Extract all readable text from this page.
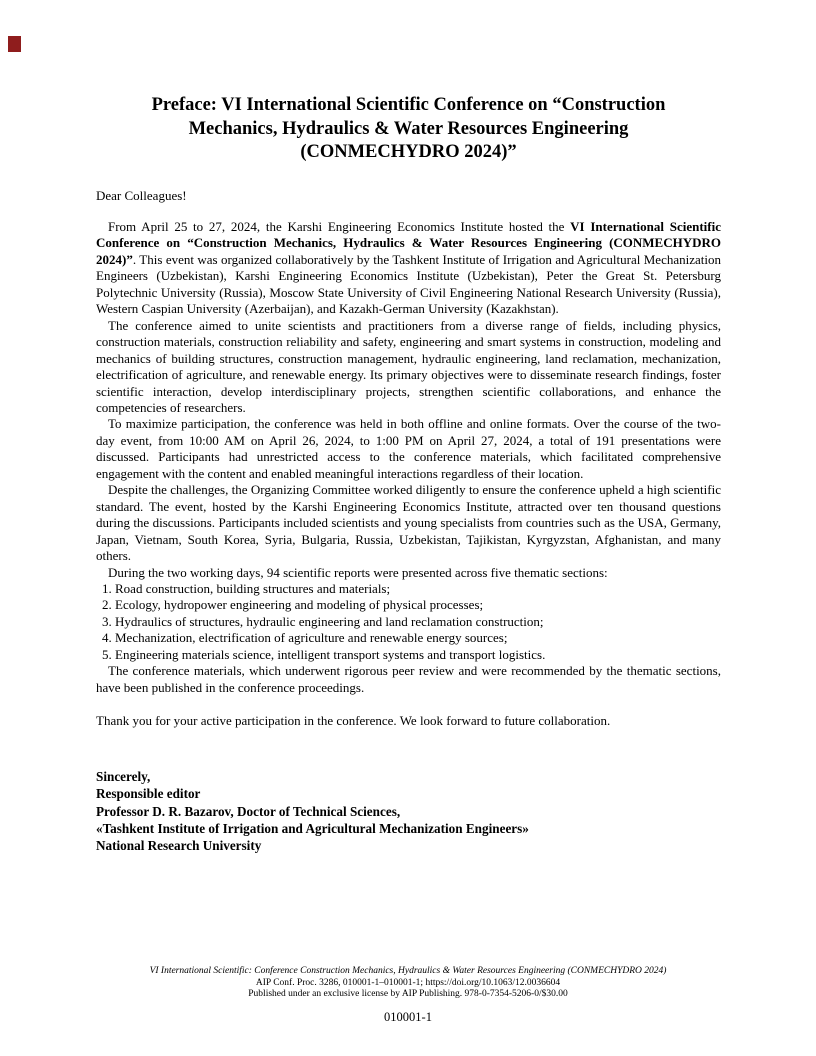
Preface: VI International Scientific Conference on “Construction
Mechanics, Hydraulics & Water Resources Engineering
(CONMECHYDRO 2024)”
Dear Colleagues!

From April 25 to 27, 2024, the Karshi Engineering Economics Institute hosted the VI International Scientific Conference on “Construction Mechanics, Hydraulics & Water Resources Engineering (CONMECHYDRO 2024)”. This event was organized collaboratively by the Tashkent Institute of Irrigation and Agricultural Mechanization Engineers (Uzbekistan), Karshi Engineering Economics Institute (Uzbekistan), Peter the Great St. Petersburg Polytechnic University (Russia), Moscow State University of Civil Engineering National Research University (Russia), Western Caspian University (Azerbaijan), and Kazakh-German University (Kazakhstan).

The conference aimed to unite scientists and practitioners from a diverse range of fields, including physics, construction materials, construction reliability and safety, engineering and smart systems in construction, modeling and mechanics of building structures, construction management, hydraulic engineering, land reclamation, mechanization, electrification of agriculture, and renewable energy. Its primary objectives were to disseminate research findings, foster scientific interaction, develop interdisciplinary projects, strengthen scientific collaborations, and enhance the competencies of researchers.

To maximize participation, the conference was held in both offline and online formats. Over the course of the two-day event, from 10:00 AM on April 26, 2024, to 1:00 PM on April 27, 2024, a total of 191 presentations were discussed. Participants had unrestricted access to the conference materials, which facilitated comprehensive engagement with the content and enabled meaningful interactions regardless of their location.

Despite the challenges, the Organizing Committee worked diligently to ensure the conference upheld a high scientific standard. The event, hosted by the Karshi Engineering Economics Institute, attracted over ten thousand questions during the discussions. Participants included scientists and young specialists from countries such as the USA, Germany, Japan, Vietnam, South Korea, Syria, Bulgaria, Russia, Uzbekistan, Tajikistan, Kyrgyzstan, Afghanistan, and many others.

During the two working days, 94 scientific reports were presented across five thematic sections:

1. Road construction, building structures and materials;
2. Ecology, hydropower engineering and modeling of physical processes;
3. Hydraulics of structures, hydraulic engineering and land reclamation construction;
4. Mechanization, electrification of agriculture and renewable energy sources;
5. Engineering materials science, intelligent transport systems and transport logistics.

The conference materials, which underwent rigorous peer review and were recommended by the thematic sections, have been published in the conference proceedings.

Thank you for your active participation in the conference. We look forward to future collaboration.

Sincerely,
Responsible editor
Professor D. R. Bazarov, Doctor of Technical Sciences,
«Tashkent Institute of Irrigation and Agricultural Mechanization Engineers»
National Research University
VI International Scientific: Conference Construction Mechanics, Hydraulics & Water Resources Engineering (CONMECHYDRO 2024)
AIP Conf. Proc. 3286, 010001-1–010001-1; https://doi.org/10.1063/12.0036604
Published under an exclusive license by AIP Publishing. 978-0-7354-5206-0/$30.00
010001-1
